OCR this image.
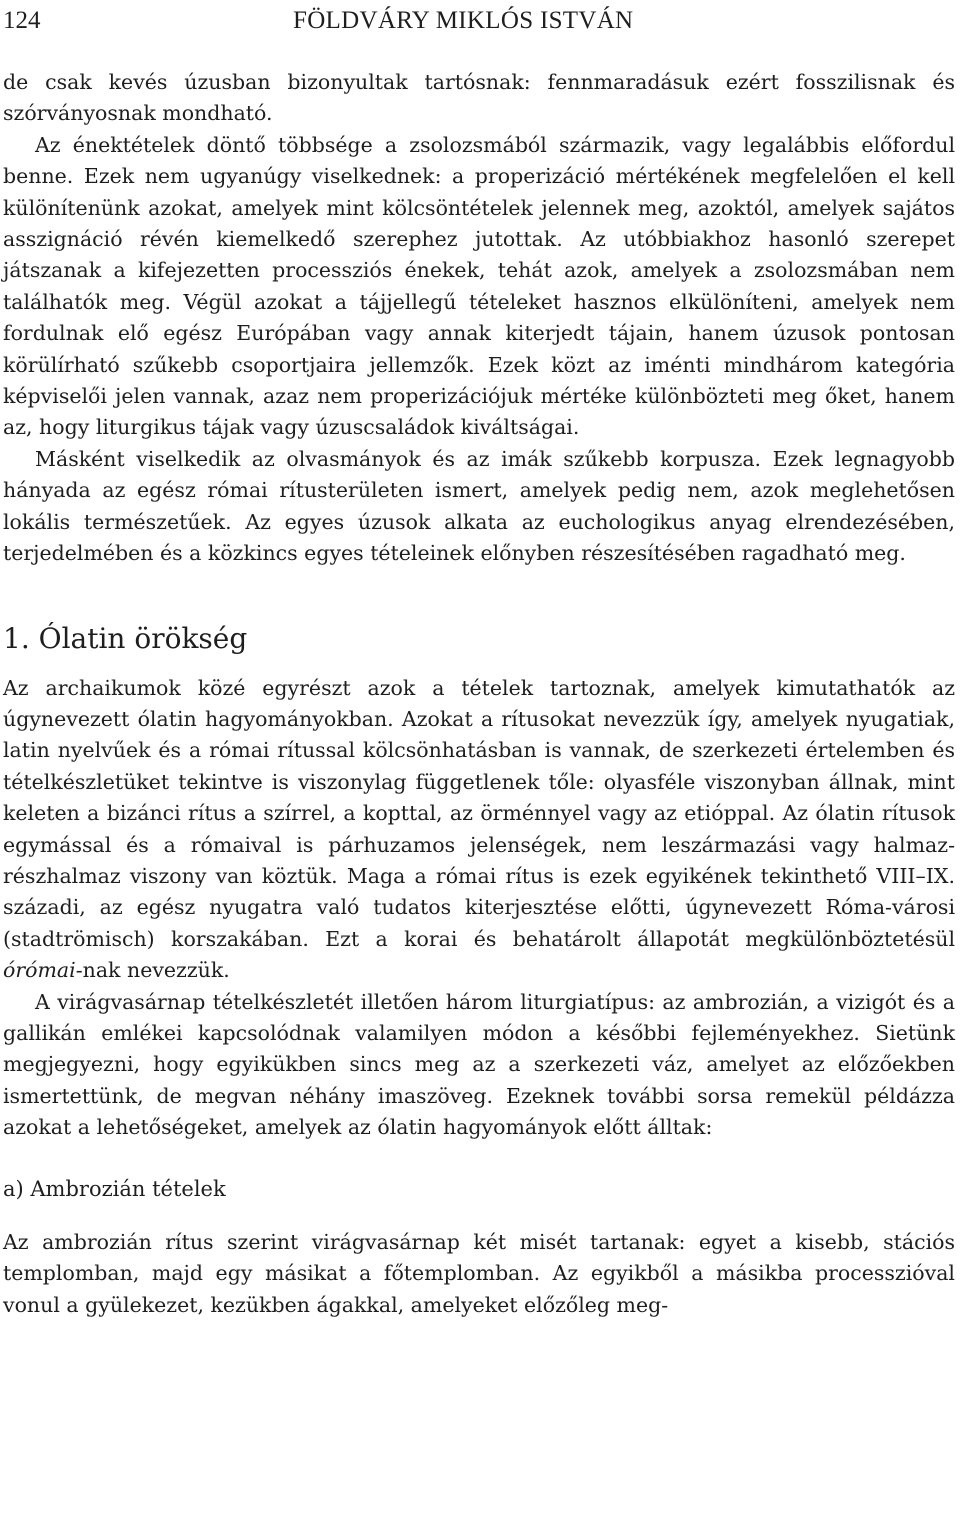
124	FÖLDVÁRY MIKLÓS ISTVÁN

de csak kevés úzusban bizonyultak tartósnak: fennmaradásuk ezért fosszilisnak és szórványosnak mondható.

Az énektételek döntő többsége a zsolozsmából származik, vagy legalábbis előfordul benne. Ezek nem ugyanúgy viselkednek: a properizáció mértékének megfelelően el kell különítenünk azokat, amelyek mint kölcsöntételek jelennek meg, azoktól, amelyek sajátos asszignáció révén kiemelkedő szerephez jutottak. Az utóbbiakhoz hasonló szerepet játszanak a kifejezetten processziós énekek, tehát azok, amelyek a zsolozsmában nem találhatók meg. Végül azokat a tájjellegű tételeket hasznos elkülöníteni, amelyek nem fordulnak elő egész Európában vagy annak kiterjedt tájain, hanem úzusok pontosan körülírható szűkebb csoportjaira jellemzők. Ezek közt az iménti mindhárom kategória képviselői jelen vannak, azaz nem properizációjuk mértéke különbözteti meg őket, hanem az, hogy liturgikus tájak vagy úzuscsaládok kiváltságai.

Másként viselkedik az olvasmányok és az imák szűkebb korpusza. Ezek legnagyobb hányada az egész római rítusterületen ismert, amelyek pedig nem, azok meglehetősen lokális természetűek. Az egyes úzusok alkata az euchologikus anyag elrendezésében, terjedelmében és a közkincs egyes tételeinek előnyben részesítésében ragadható meg.

1. Ólatin örökség

Az archaikumok közé egyrészt azok a tételek tartoznak, amelyek kimutathatók az úgynevezett ólatin hagyományokban. Azokat a rítusokat nevezzük így, amelyek nyugatiak, latin nyelvűek és a római rítussal kölcsönhatásban is vannak, de szerkezeti értelemben és tételkészletüket tekintve is viszonylag függetlenek tőle: olyasféle viszonyban állnak, mint keleten a bizánci rítus a szírrel, a kopttal, az örménnyel vagy az etióppal. Az ólatin rítusok egymással és a rómaival is párhuzamos jelenségek, nem leszármazási vagy halmaz-részhalmaz viszony van köztük. Maga a római rítus is ezek egyikének tekinthető VIII–IX. századi, az egész nyugatra való tudatos kiterjesztése előtti, úgynevezett Róma-városi (stadtrömisch) korszakában. Ezt a korai és behatárolt állapotát megkülönböztetésül órómai-nak nevezzük.

A virágvasárnap tételkészletét illetően három liturgiatípus: az ambrozián, a vizigót és a gallikán emlékei kapcsolódnak valamilyen módon a későbbi fejleményekhez. Sietünk megjegyezni, hogy egyikükben sincs meg az a szerkezeti váz, amelyet az előzőekben ismertettünk, de megvan néhány imaszöveg. Ezeknek további sorsa remekül példázza azokat a lehetőségeket, amelyek az ólatin hagyományok előtt álltak:

a) Ambrozián tételek

Az ambrozián rítus szerint virágvasárnap két misét tartanak: egyet a kisebb, stációs templomban, majd egy másikat a főtemplomban. Az egyikből a másikba processzióval vonul a gyülekezet, kezükben ágakkal, amelyeket előzőleg meg-
